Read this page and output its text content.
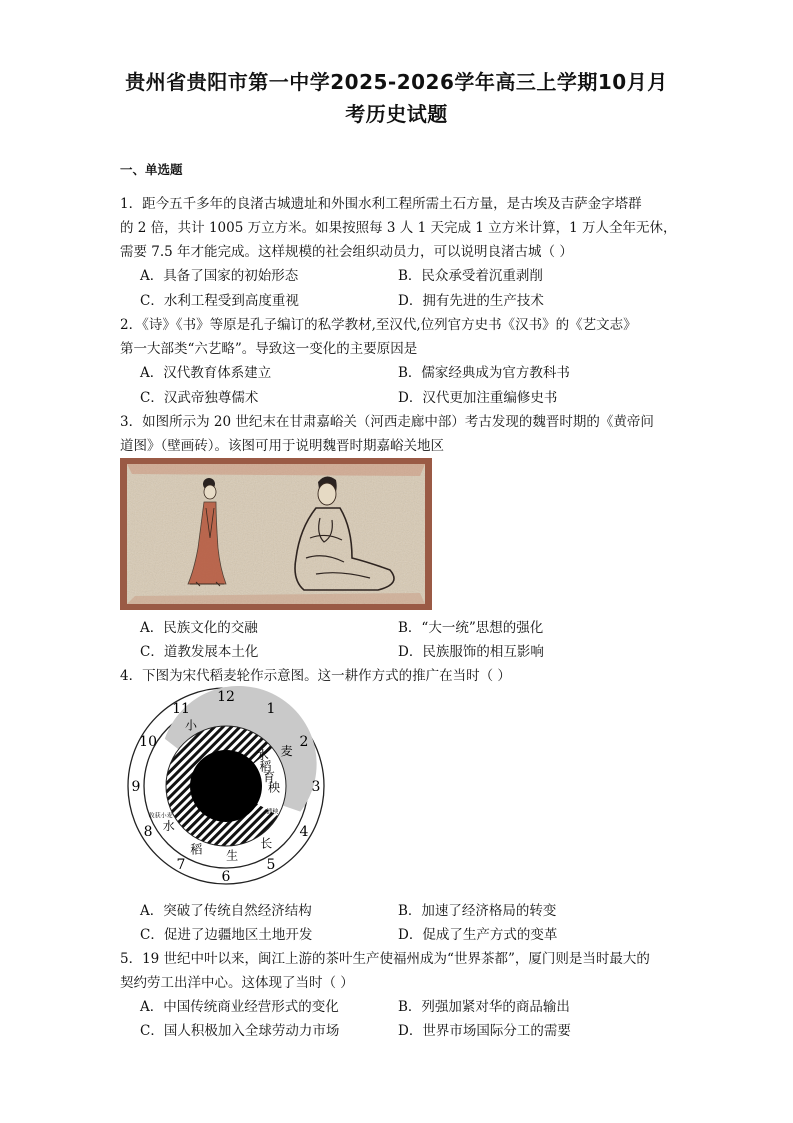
贵州省贵阳市第一中学2025-2026学年高三上学期10月月
考历史试题
一、单选题
1．距今五千多年的良渚古城遗址和外围水利工程所需土石方量，是古埃及吉萨金字塔群
的 2 倍，共计 1005 万立方米。如果按照每 3 人 1 天完成 1 立方米计算，1 万人全年无休，
需要 7.5 年才能完成。这样规模的社会组织动员力，可以说明良渚古城（ ）
A．具备了国家的初始形态	B．民众承受着沉重剥削
C．水利工程受到高度重视	D．拥有先进的生产技术
2．《诗》《书》等原是孔子编订的私学教材,至汉代,位列官方史书《汉书》的《艺文志》
第一大部类“六艺略”。导致这一变化的主要原因是
A．汉代教育体系建立	B．儒家经典成为官方教科书
C．汉武帝独尊儒术	D．汉代更加注重编修史书
3．如图所示为 20 世纪末在甘肃嘉峪关（河西走廊中部）考古发现的魏晋时期的《黄帝问
道图》（壁画砖）。该图可用于说明魏晋时期嘉峪关地区
A．民族文化的交融	B．“大一统”思想的强化
C．道教发展本土化	D．民族服饰的相互影响
4．下图为宋代稻麦轮作示意图。这一耕作方式的推广在当时（ ）
12
1
2
3
4
5
6
7
8
9
10
11
小
麦
水
稻
育
秧
水
稻 生
长
收获小麦
插秧
A．突破了传统自然经济结构	B．加速了经济格局的转变
C．促进了边疆地区土地开发	D．促成了生产方式的变革
5．19 世纪中叶以来，闽江上游的茶叶生产使福州成为“世界茶都”，厦门则是当时最大的
契约劳工出洋中心。这体现了当时（ ）
A．中国传统商业经营形式的变化	B．列强加紧对华的商品输出
C．国人积极加入全球劳动力市场	D．世界市场国际分工的需要
